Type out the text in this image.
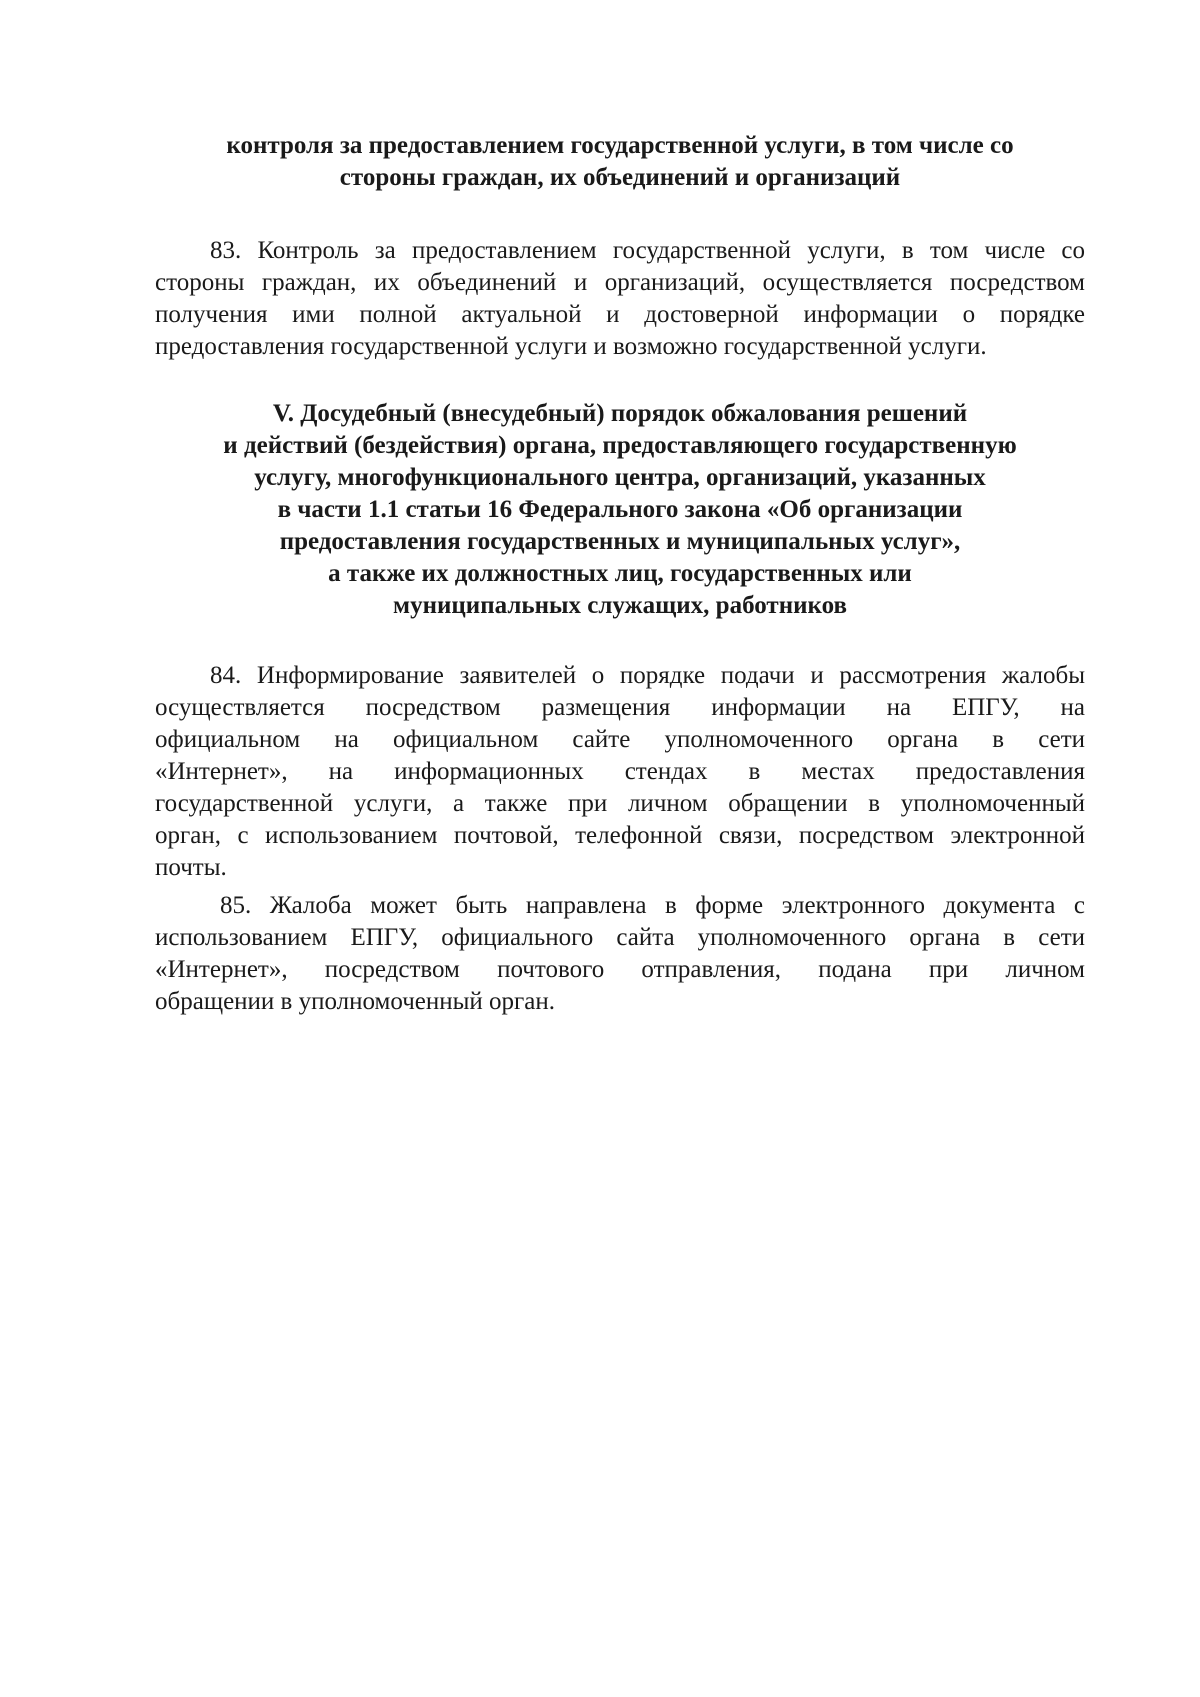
контроля за предоставлением государственной услуги, в том числе со
стороны граждан, их объединений и организаций
83. Контроль за предоставлением государственной услуги, в том числе со
стороны граждан, их объединений и организаций, осуществляется посредством
получения ими полной актуальной и достоверной информации о порядке
предоставления государственной услуги и возможно государственной услуги.
V. Досудебный (внесудебный) порядок обжалования решений
и действий (бездействия) органа, предоставляющего государственную
услугу, многофункционального центра, организаций, указанных
в части 1.1 статьи 16 Федерального закона «Об организации
предоставления государственных и муниципальных услуг»,
а также их должностных лиц, государственных или
муниципальных служащих, работников
84. Информирование заявителей о порядке подачи и рассмотрения жалобы
осуществляется посредством размещения информации на ЕПГУ, на
официальном на официальном сайте уполномоченного органа в сети
«Интернет», на информационных стендах в местах предоставления
государственной услуги, а также при личном обращении в уполномоченный
орган, с использованием почтовой, телефонной связи, посредством электронной
почты.
85. Жалоба может быть направлена в форме электронного документа с
использованием ЕПГУ, официального сайта уполномоченного органа в сети
«Интернет», посредством почтового отправления, подана при личном
обращении в уполномоченный орган.
